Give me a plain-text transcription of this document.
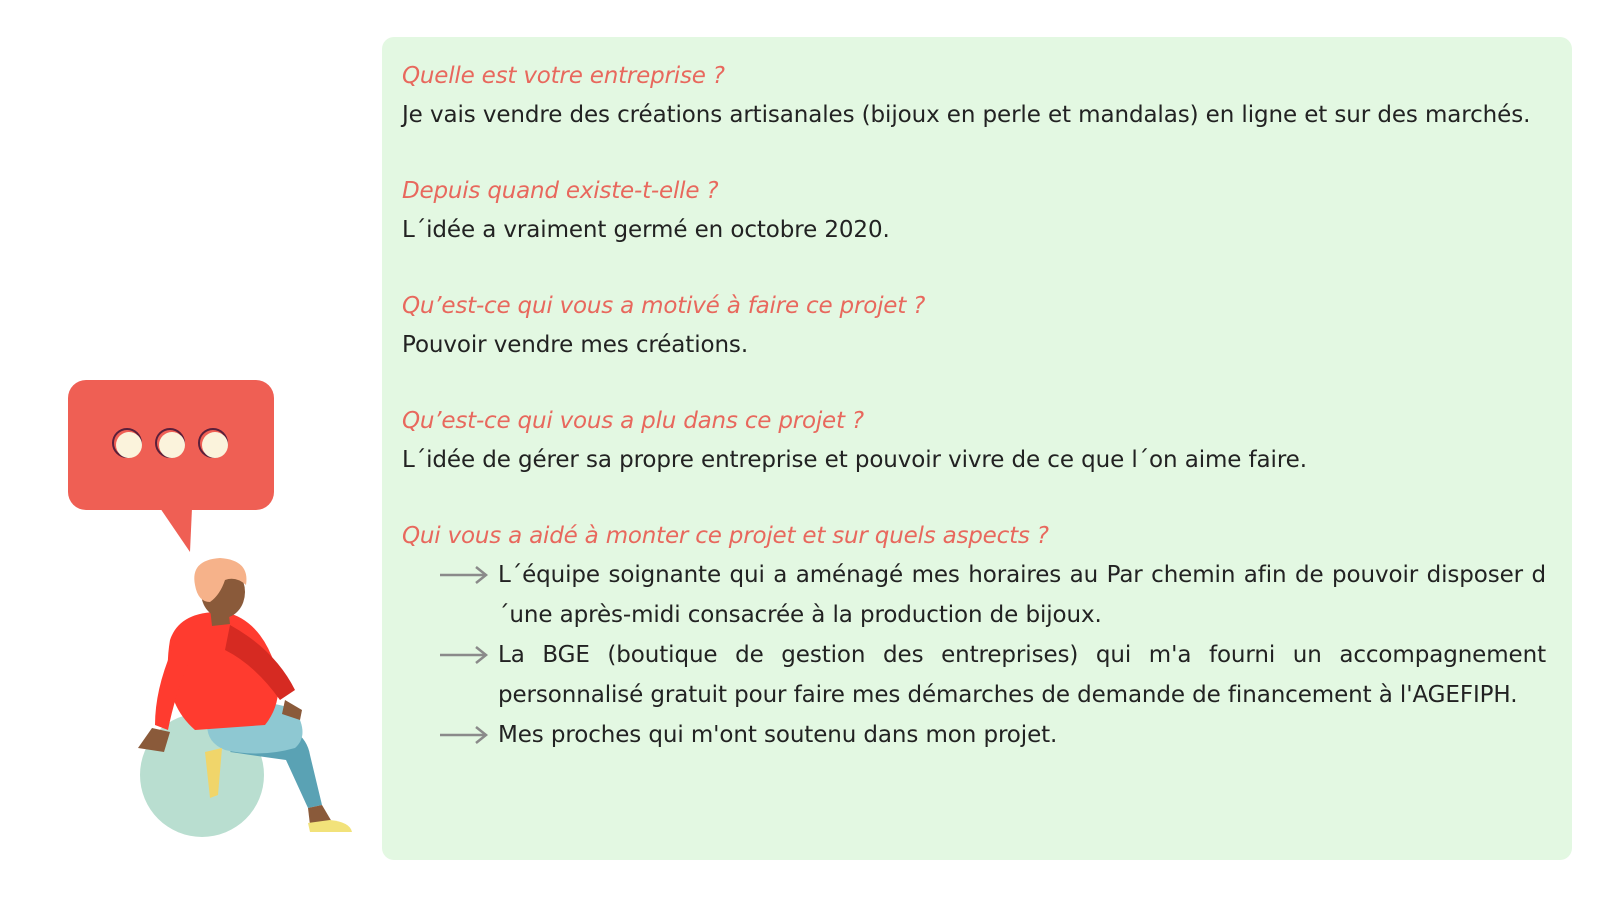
Quelle est votre entreprise ?
Je vais vendre des créations artisanales (bijoux en perle et mandalas) en ligne et sur des marchés.
Depuis quand existe-t-elle ?
L´idée a vraiment germé en octobre 2020.
Qu’est-ce qui vous a motivé à faire ce projet ?
Pouvoir vendre mes créations.
Qu’est-ce qui vous a plu dans ce projet ?
L´idée de gérer sa propre entreprise et pouvoir vivre de ce que l´on aime faire.
Qui vous a aidé à monter ce projet et sur quels aspects ?
L´équipe soignante qui a aménagé mes horaires au Par chemin afin de pouvoir disposer d´une après-midi consacrée à la production de bijoux.
La BGE (boutique de gestion des entreprises) qui m'a fourni un accompagnement personnalisé gratuit pour faire mes démarches de demande de financement à l'AGEFIPH.
Mes proches qui m'ont soutenu dans mon projet.
